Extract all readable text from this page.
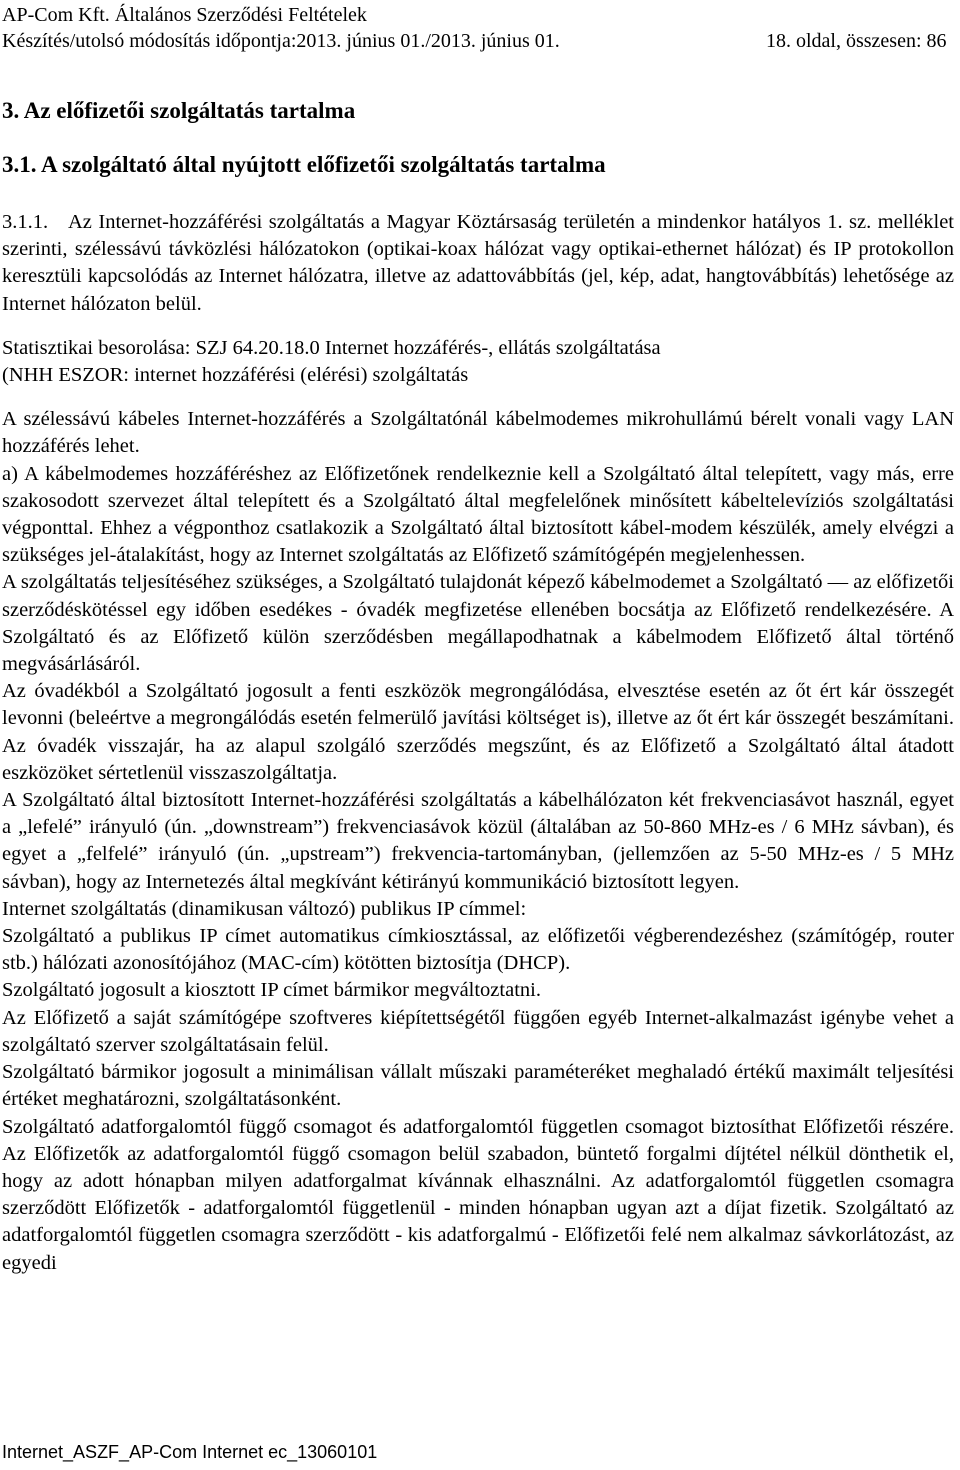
AP-Com Kft. Általános Szerződési Feltételek
Készítés/utolsó módosítás időpontja:2013. június 01./2013. június 01.	18. oldal, összesen: 86
3. Az előfizetői szolgáltatás tartalma
3.1. A szolgáltató által nyújtott előfizetői szolgáltatás tartalma

3.1.1. Az Internet-hozzáférési szolgáltatás a Magyar Köztársaság területén a mindenkor hatályos 1. sz. melléklet szerinti, szélessávú távközlési hálózatokon (optikai-koax hálózat vagy optikai-ethernet hálózat) és IP protokollon keresztüli kapcsolódás az Internet hálózatra, illetve az adattovábbítás (jel, kép, adat, hangtovábbítás) lehetősége az Internet hálózaton belül.

Statisztikai besorolása: SZJ 64.20.18.0 Internet hozzáférés-, ellátás szolgáltatása

(NHH ESZOR: internet hozzáférési (elérési) szolgáltatás

A szélessávú kábeles Internet-hozzáférés a Szolgáltatónál kábelmodemes mikrohullámú bérelt vonali vagy LAN hozzáférés lehet.

a) A kábelmodemes hozzáféréshez az Előfizetőnek rendelkeznie kell a Szolgáltató által telepített, vagy más, erre szakosodott szervezet által telepített és a Szolgáltató által megfelelőnek minősített kábeltelevíziós szolgáltatási végponttal. Ehhez a végponthoz csatlakozik a Szolgáltató által biztosított kábel-modem készülék, amely elvégzi a szükséges jel-átalakítást, hogy az Internet szolgáltatás az Előfizető számítógépén megjelenhessen.

A szolgáltatás teljesítéséhez szükséges, a Szolgáltató tulajdonát képező kábelmodemet a Szolgáltató — az előfizetői szerződéskötéssel egy időben esedékes - óvadék megfizetése ellenében bocsátja az Előfizető rendelkezésére. A Szolgáltató és az Előfizető külön szerződésben megállapodhatnak a kábelmodem Előfizető által történő megvásárlásáról.

Az óvadékból a Szolgáltató jogosult a fenti eszközök megrongálódása, elvesztése esetén az őt ért kár összegét levonni (beleértve a megrongálódás esetén felmerülő javítási költséget is), illetve az őt ért kár összegét beszámítani. Az óvadék visszajár, ha az alapul szolgáló szerződés megszűnt, és az Előfizető a Szolgáltató által átadott eszközöket sértetlenül visszaszolgáltatja.

A Szolgáltató által biztosított Internet-hozzáférési szolgáltatás a kábelhálózaton két frekvenciasávot használ, egyet a „lefelé” irányuló (ún. „downstream”) frekvenciasávok közül (általában az 50-860 MHz-es / 6 MHz sávban), és egyet a „felfelé” irányuló (ún. „upstream”) frekvencia-tartományban, (jellemzően az 5-50 MHz-es / 5 MHz sávban), hogy az Internetezés által megkívánt kétirányú kommunikáció biztosított legyen.

Internet szolgáltatás (dinamikusan változó) publikus IP címmel:

Szolgáltató a publikus IP címet automatikus címkiosztással, az előfizetői végberendezéshez (számítógép, router stb.) hálózati azonosítójához (MAC-cím) kötötten biztosítja (DHCP).

Szolgáltató jogosult a kiosztott IP címet bármikor megváltoztatni.

Az Előfizető a saját számítógépe szoftveres kiépítettségétől függően egyéb Internet-alkalmazást igénybe vehet a szolgáltató szerver szolgáltatásain felül.

Szolgáltató bármikor jogosult a minimálisan vállalt műszaki paraméteréket meghaladó értékű maximált teljesítési értéket meghatározni, szolgáltatásonként.

Szolgáltató adatforgalomtól függő csomagot és adatforgalomtól független csomagot biztosíthat Előfizetői részére. Az Előfizetők az adatforgalomtól függő csomagon belül szabadon, büntető forgalmi díjtétel nélkül dönthetik el, hogy az adott hónapban milyen adatforgalmat kívánnak elhasználni. Az adatforgalomtól független csomagra szerződött Előfizetők - adatforgalomtól függetlenül - minden hónapban ugyan azt a díjat fizetik. Szolgáltató az adatforgalomtól független csomagra szerződött - kis adatforgalmú - Előfizetői felé nem alkalmaz sávkorlátozást, az egyedi

Internet_ASZF_AP-Com Internet ec_13060101
